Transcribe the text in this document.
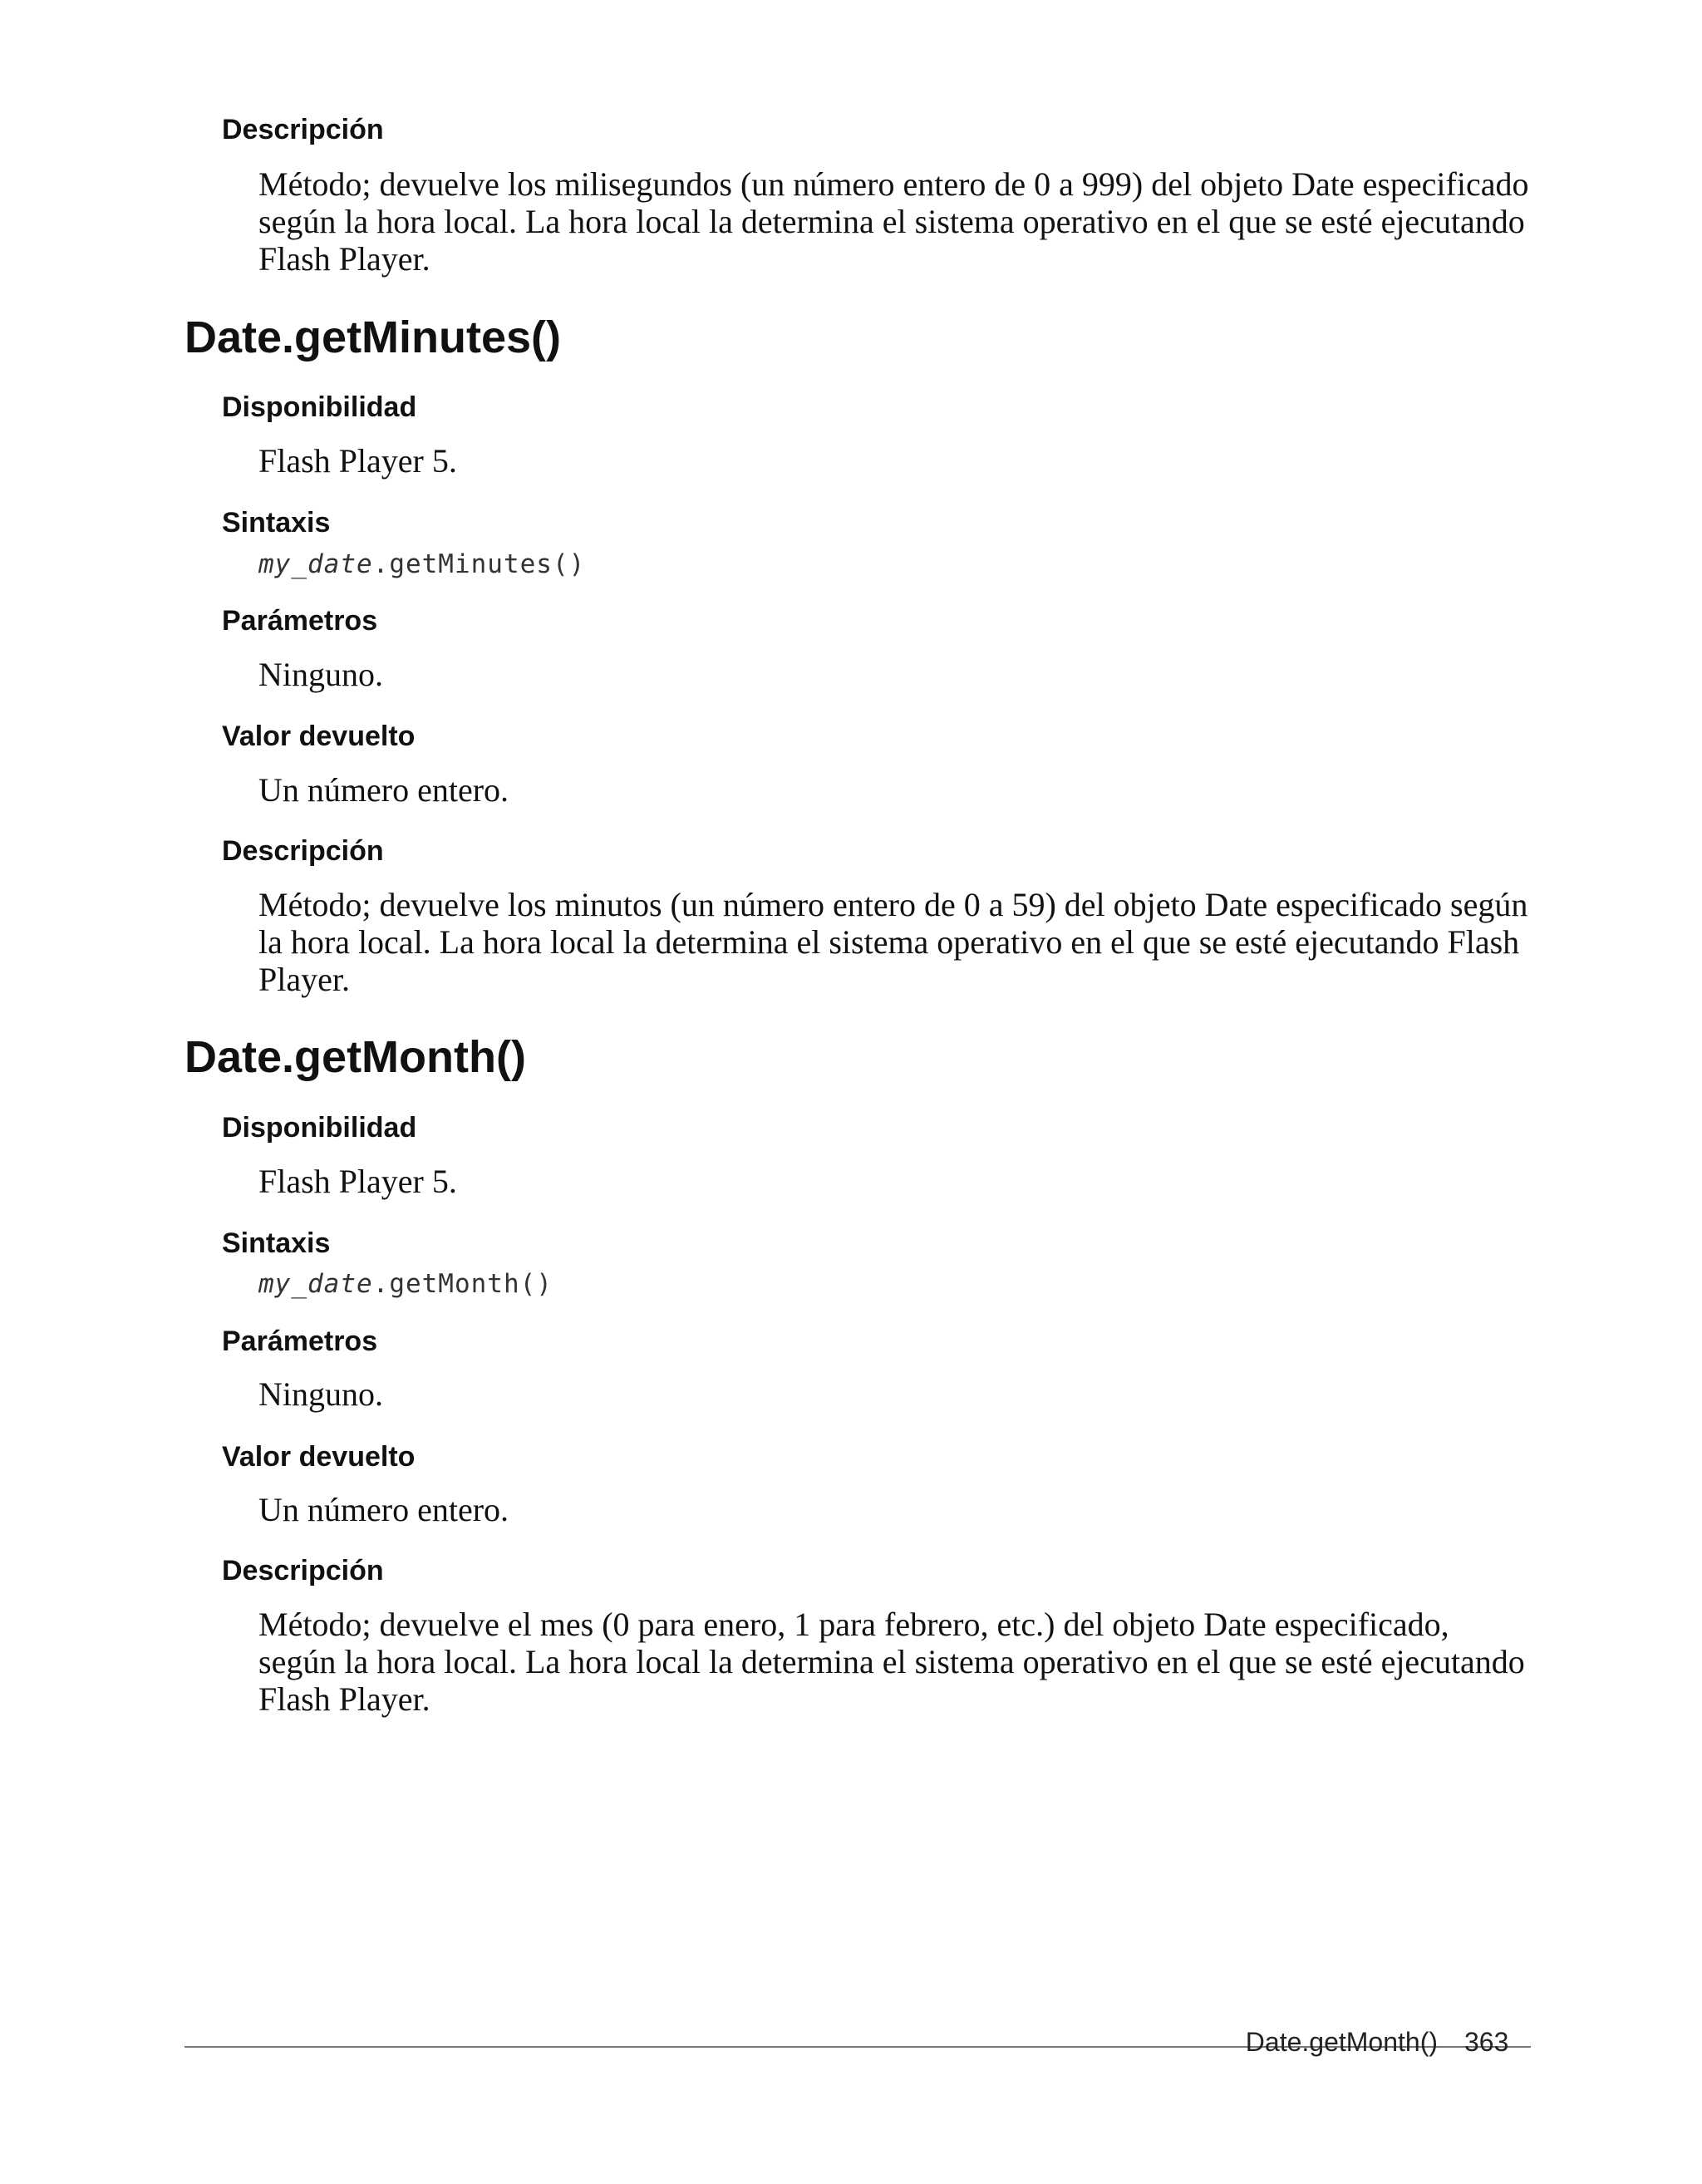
Descripción
Método; devuelve los milisegundos (un número entero de 0 a 999) del objeto Date especificado según la hora local. La hora local la determina el sistema operativo en el que se esté ejecutando Flash Player.
Date.getMinutes()
Disponibilidad
Flash Player 5.
Sintaxis
my_date.getMinutes()
Parámetros
Ninguno.
Valor devuelto
Un número entero.
Descripción
Método; devuelve los minutos (un número entero de 0 a 59) del objeto Date especificado según la hora local. La hora local la determina el sistema operativo en el que se esté ejecutando Flash Player.
Date.getMonth()
Disponibilidad
Flash Player 5.
Sintaxis
my_date.getMonth()
Parámetros
Ninguno.
Valor devuelto
Un número entero.
Descripción
Método; devuelve el mes (0 para enero, 1 para febrero, etc.) del objeto Date especificado, según la hora local. La hora local la determina el sistema operativo en el que se esté ejecutando Flash Player.
Date.getMonth() 363
